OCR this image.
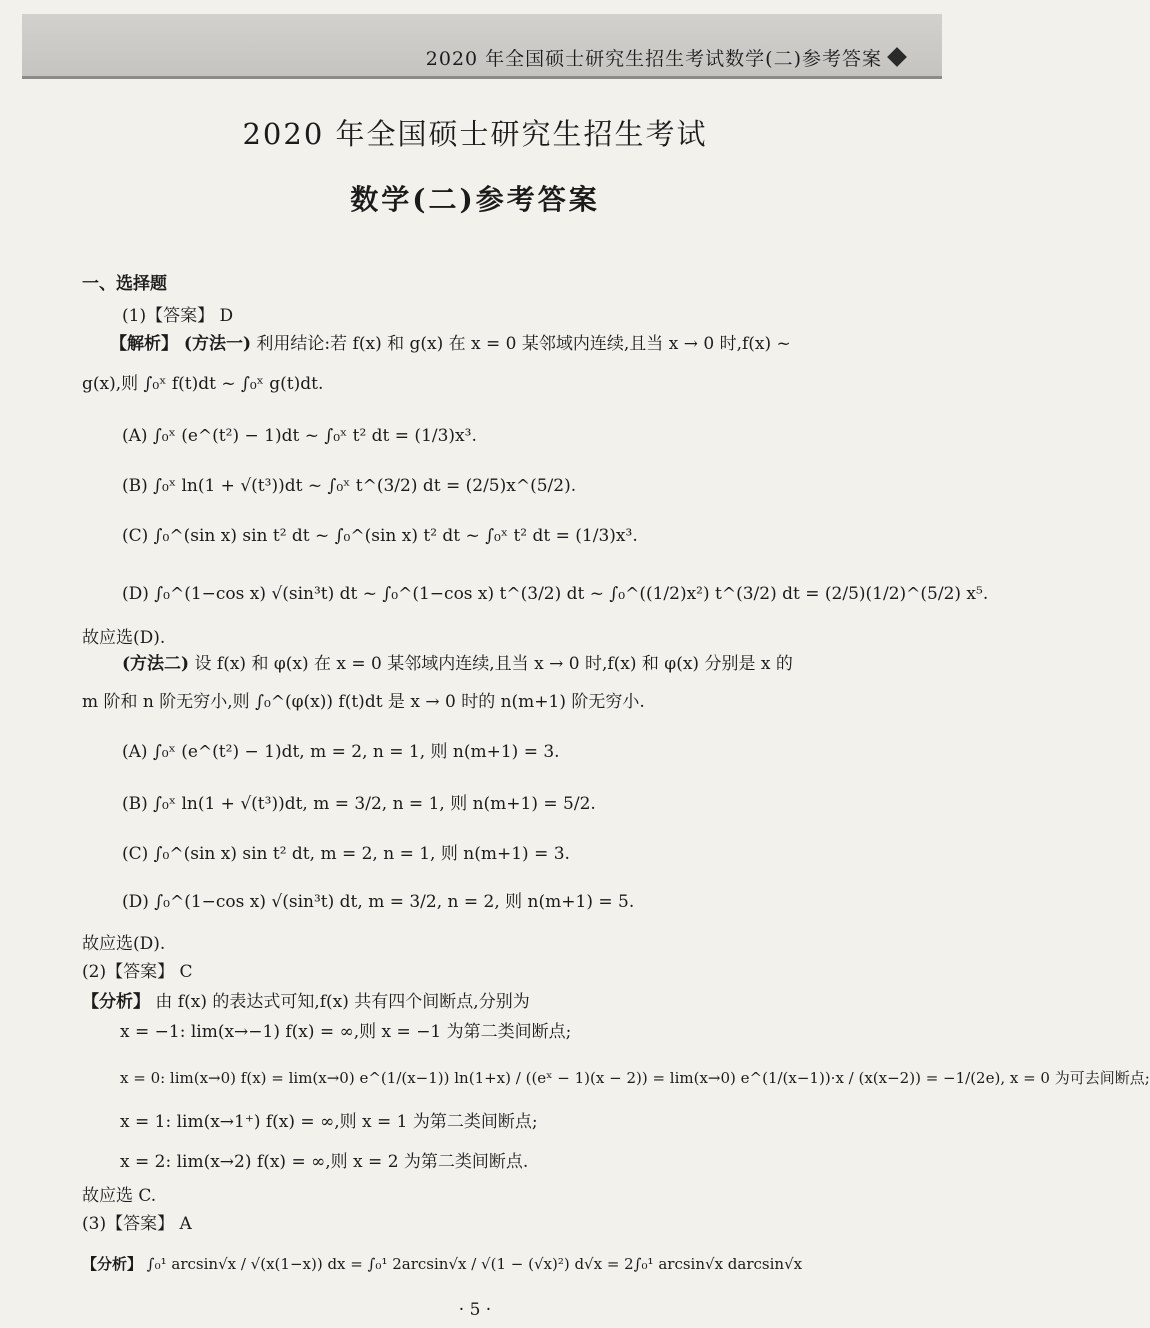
2020 年全国硕士研究生招生考试数学(二)参考答案
2020 年全国硕士研究生招生考试
数学(二)参考答案
一、选择题
(1)【答案】 D
【解析】 (方法一) 利用结论:若 f(x) 和 g(x) 在 x = 0 某邻域内连续,且当 x → 0 时,f(x) ~
g(x),则 ∫₀ˣ f(t)dt ~ ∫₀ˣ g(t)dt.
(A) ∫₀ˣ (e^(t²) − 1)dt ~ ∫₀ˣ t² dt = (1/3)x³.
(B) ∫₀ˣ ln(1 + √(t³))dt ~ ∫₀ˣ t^(3/2) dt = (2/5)x^(5/2).
(C) ∫₀^(sin x) sin t² dt ~ ∫₀^(sin x) t² dt ~ ∫₀ˣ t² dt = (1/3)x³.
(D) ∫₀^(1−cos x) √(sin³t) dt ~ ∫₀^(1−cos x) t^(3/2) dt ~ ∫₀^((1/2)x²) t^(3/2) dt = (2/5)(1/2)^(5/2) x⁵.
故应选(D).
(方法二) 设 f(x) 和 φ(x) 在 x = 0 某邻域内连续,且当 x → 0 时,f(x) 和 φ(x) 分别是 x 的
m 阶和 n 阶无穷小,则 ∫₀^(φ(x)) f(t)dt 是 x → 0 时的 n(m+1) 阶无穷小.
(A) ∫₀ˣ (e^(t²) − 1)dt, m = 2, n = 1, 则 n(m+1) = 3.
(B) ∫₀ˣ ln(1 + √(t³))dt, m = 3/2, n = 1, 则 n(m+1) = 5/2.
(C) ∫₀^(sin x) sin t² dt, m = 2, n = 1, 则 n(m+1) = 3.
(D) ∫₀^(1−cos x) √(sin³t) dt, m = 3/2, n = 2, 则 n(m+1) = 5.
故应选(D).
(2)【答案】 C
【分析】 由 f(x) 的表达式可知,f(x) 共有四个间断点,分别为
x = −1: lim(x→−1) f(x) = ∞,则 x = −1 为第二类间断点;
x = 0: lim(x→0) f(x) = lim(x→0) e^(1/(x−1)) ln(1+x) / ((eˣ − 1)(x − 2)) = lim(x→0) e^(1/(x−1))·x / (x(x−2)) = −1/(2e), x = 0 为可去间断点;
x = 1: lim(x→1⁺) f(x) = ∞,则 x = 1 为第二类间断点;
x = 2: lim(x→2) f(x) = ∞,则 x = 2 为第二类间断点.
故应选 C.
(3)【答案】 A
【分析】 ∫₀¹ arcsin√x / √(x(1−x)) dx = ∫₀¹ 2arcsin√x / √(1 − (√x)²) d√x = 2∫₀¹ arcsin√x darcsin√x
· 5 ·
